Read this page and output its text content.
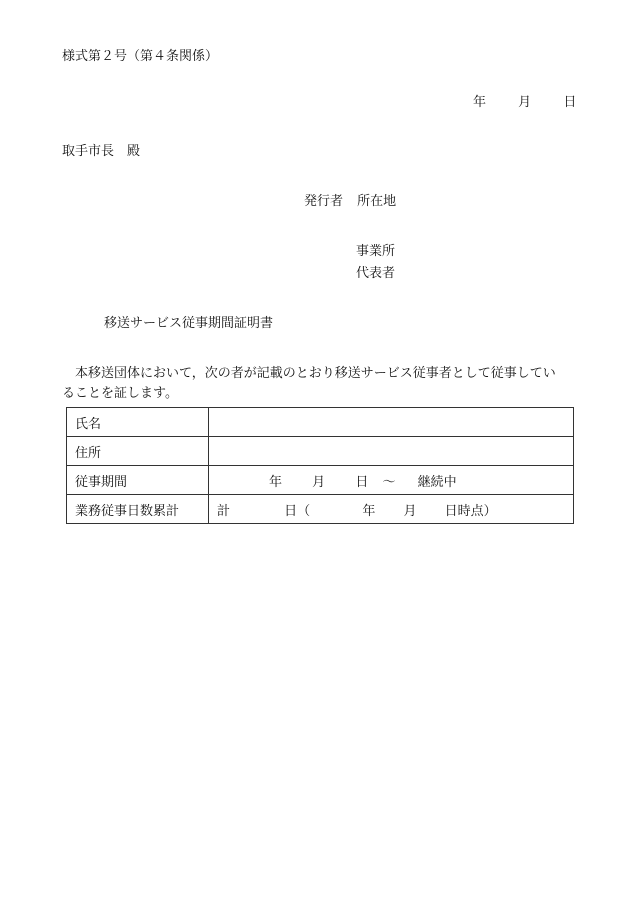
様式第２号（第４条関係）
年 月 日
取手市長　殿
発行者 所在地
事業所
代表者
移送サービス従事期間証明書
本移送団体において，次の者が記載のとおり移送サービス従事者として従事してい
ることを証します。
氏名	
住所	
従事期間	年 月 日 ～ 継続中
業務従事日数累計	計 日（ 年 月 日時点）
